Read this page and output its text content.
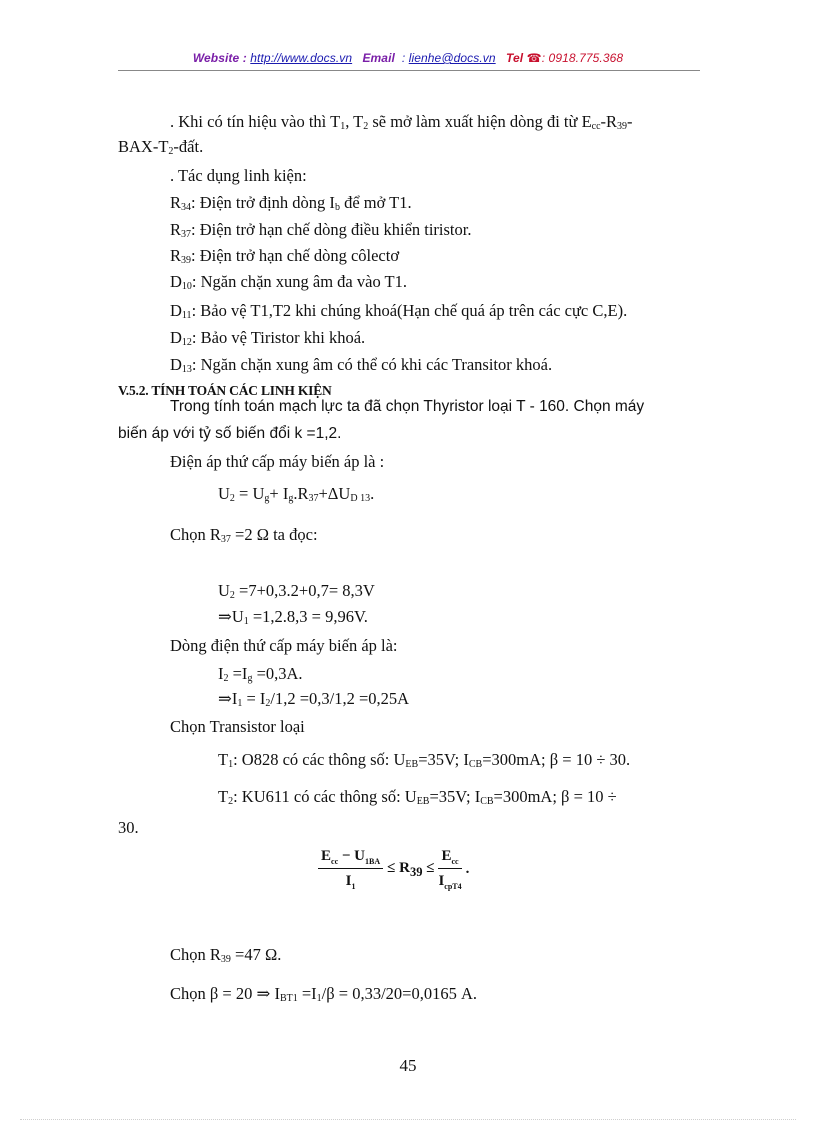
Website : http://www.docs.vn Email : lienhe@docs.vn Tel ☎: 0918.775.368
. Khi có tín hiệu vào thì $T_1$, $T_2$ sẽ mở làm xuất hiện dòng đi từ $E_{cc}-R_{39}-$
BAX-$T_2$-đất.
. Tác dụng linh kiện:
$R_{34}$: Điện trở định dòng $I_b$ để mở T1.
$R_{37}$: Điện trở hạn chế dòng điều khiển tiristor.
$R_{39}$: Điện trở hạn chế dòng côlectơ
$D_{10}$: Ngăn chặn xung âm đa vào T1.
$D_{11}$: Bảo vệ T1,T2 khi chúng khoá(Hạn chế quá áp trên các cực C,E).
$D_{12}$: Bảo vệ Tiristor khi khoá.
$D_{13}$: Ngăn chặn xung âm có thể có khi các Transitor khoá.
V.5.2. TÍNH TOÁN CÁC LINH KIỆN
Trong tính toán mạch lực ta đã chọn Thyristor loại T - 160. Chọn máy
biến áp với tỷ số biến đổi k =1,2.
Điện áp thứ cấp máy biến áp là :
$U_2 = U_g+ I_g.R_{37}+\Delta U_{D 13}$.
Chọn $R_{37} =2$ Ω ta đọc:
$U_2 =7+0,3.2+0,7= 8,3V$
$\Rightarrow U_1 =1,2.8,3 = 9,96V$.
Dòng điện thứ cấp máy biến áp là:
$I_2 =I_g =0,3A$.
$\Rightarrow I_1 = I_2/1,2 =0,3/1,2 =0,25A$
Chọn Transistor loại
$T_1$: O828 có các thông số: $U_{EB}=35V$; $I_{CB}=300mA$; β = 10 ÷ 30.
$T_2$: KU611 có các thông số: $U_{EB}=35V$; $I_{CB}=300mA$; β = 10 ÷
30.
$\frac{E_{cc} - U_{1BA}}{I_1} \le R_{39} \le \frac{E_{cc}}{I_{cpT4}}$ .
Chọn $R_{39} =47$ Ω.
Chọn β = 20 ⇒ $I_{BT1} =I_1/\beta = 0,33/20=0,0165$ A.
45
